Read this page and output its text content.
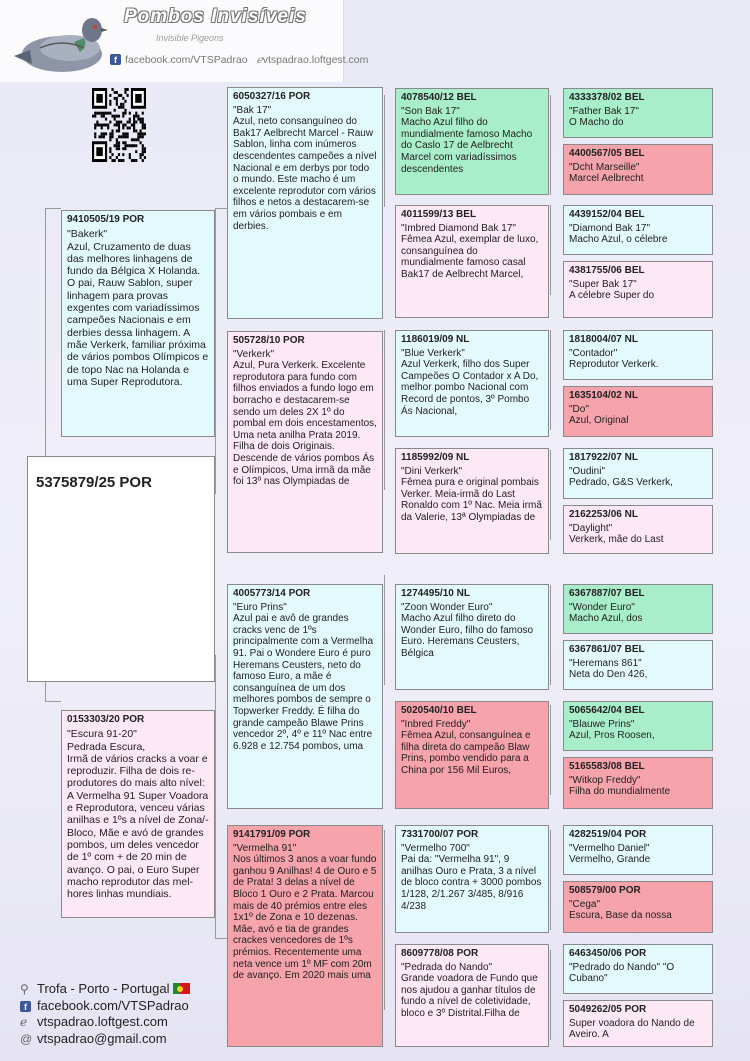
Pombos Invisíveis
Invisible Pigeons
f facebook.com/VTSPadrao ℯvtspadrao.loftgest.com
9410505/19 POR
"Bakerk"
Azul, Cruzamento de duas das melhores linhagens de fundo da Bélgica X Holanda. O pai, Rauw Sablon, super linhagem para provas exgentes com variadíssimos campeões Nacionais e em derbies dessa linhagem. A mãe Verkerk, familiar próxima de vários pombos Olímpicos e de topo Nac na Holanda e uma Super Reprodutora.
5375879/25 POR
0153303/20 POR
"Escura 91-20"
Pedrada Escura,
Irmã de vários cracks a voar e reproduzir. Filha de dois re-produtores do mais alto nível: A Vermelha 91 Super Voadora e Reprodutora, venceu várias anilhas e 1ºs a nível de Zona/-Bloco, Mãe e avó de grandes pombos, um deles vencedor de 1º com + de 20 min de avanço. O pai, o Euro Super macho reprodutor das mel-hores linhas mundiais.
6050327/16 POR
"Bak 17"
Azul, neto consanguíneo do Bak17 Aelbrecht Marcel - Rauw Sablon, linha com inúmeros descendentes campeões a nível Nacional e em derbys por todo o mundo. Este macho é um excelente reprodutor com vários filhos e netos a destacarem-se em vários pombais e em derbies.
505728/10 POR
"Verkerk"
Azul, Pura Verkerk. Excelente reprodutora para fundo com filhos enviados a fundo logo em borracho e destacarem-se sendo um deles 2X 1º do pombal em dois encestamentos, Uma neta anilha Prata 2019. Filha de dois Originais. Descende de vários pombos Ás e Olímpicos, Uma irmã da mãe foi 13º nas Olympiadas de
4005773/14 POR
"Euro Prins"
Azul pai e avô de grandes cracks venc de 1ºs principalmente com a Vermelha 91. Pai o Wondere Euro é puro Heremans Ceusters, neto do famoso Euro, a mãe é consanguínea de um dos melhores pombos de sempre o Topwerker Freddy. É filha do grande campeão Blawe Prins vencedor 2º, 4º e 11º Nac entre 6.928 e 12.754 pombos, uma
9141791/09 POR
"Vermelha 91"
Nos últimos 3 anos a voar fundo ganhou 9 Anilhas! 4 de Ouro e 5 de Prata! 3 delas a nível de Bloco 1 Ouro e 2 Prata. Marcou mais de 40 prémios entre eles 1x1º de Zona e 10 dezenas. Mãe, avó e tia de grandes crackes vencedores de 1ºs prémios. Recentemente uma neta vence um 1º MF com 20m de avanço. Em 2020 mais uma
4078540/12 BEL
"Son Bak 17"
Macho Azul filho do mundialmente famoso Macho do Caslo 17 de Aelbrecht Marcel com variadíssimos descendentes
4011599/13 BEL
"Imbred Diamond Bak 17"
Fêmea Azul, exemplar de luxo, consanguínea do mundialmente famoso casal Bak17 de Aelbrecht Marcel,
1186019/09 NL
"Blue Verkerk"
Azul Verkerk, filho dos Super Campeões O Contador x A Do, melhor pombo Nacional com Record de pontos, 3º Pombo Ás Nacional,
1185992/09 NL
"Dini Verkerk"
Fêmea pura e original pombais Verker. Meia-irmã do Last Ronaldo com 1º Nac. Meia irmã da Valerie, 13ª Olympiadas de
1274495/10 NL
"Zoon Wonder Euro"
Macho Azul filho direto do Wonder Euro, filho do famoso Euro. Heremans Ceusters, Bélgica
5020540/10 BEL
"Inbred Freddy"
Fêmea Azul, consanguínea e filha direta do campeão Blaw Prins, pombo vendido para a China por 156 Mil Euros,
7331700/07 POR
"Vermelho 700"
Pai da: "Vermelha 91", 9 anilhas Ouro e Prata, 3 a nível de bloco contra + 3000 pombos 1/128, 2/1.267 3/485, 8/916 4/238
8609778/08 POR
"Pedrada do Nando"
Grande voadora de Fundo que nos ajudou a ganhar títulos de fundo a nível de coletividade, bloco e 3º Distrital.Filha de
4333378/02 BEL
"Father Bak 17"
O Macho do
4400567/05 BEL
"Dcht Marseille"
Marcel Aelbrecht
4439152/04 BEL
"Diamond Bak 17"
Macho Azul, o célebre
4381755/06 BEL
"Super Bak 17"
A célebre Super do
1818004/07 NL
"Contador"
Reprodutor Verkerk.
1635104/02 NL
"Do"
Azul, Original
1817922/07 NL
"Oudini"
Pedrado, G&S Verkerk,
2162253/06 NL
"Daylight"
Verkerk, mãe do Last
6367887/07 BEL
"Wonder Euro"
Macho Azul, dos
6367861/07 BEL
"Heremans 861"
Neta do Den 426,
5065642/04 BEL
"Blauwe Prins"
Azul, Pros Roosen,
5165583/08 BEL
"Witkop Freddy"
Filha do mundialmente
4282519/04 POR
"Vermelho Daniel"
Vermelho, Grande
508579/00 POR
"Cega"
Escura, Base da nossa
6463450/06 POR
"Pedrado do Nando" "O Cubano"
5049262/05 POR
Super voadora do Nando de Aveiro. A
⚲ Trofa - Porto - Portugal
f facebook.com/VTSPadrao
ℯ vtspadrao.loftgest.com
@ vtspadrao@gmail.com
